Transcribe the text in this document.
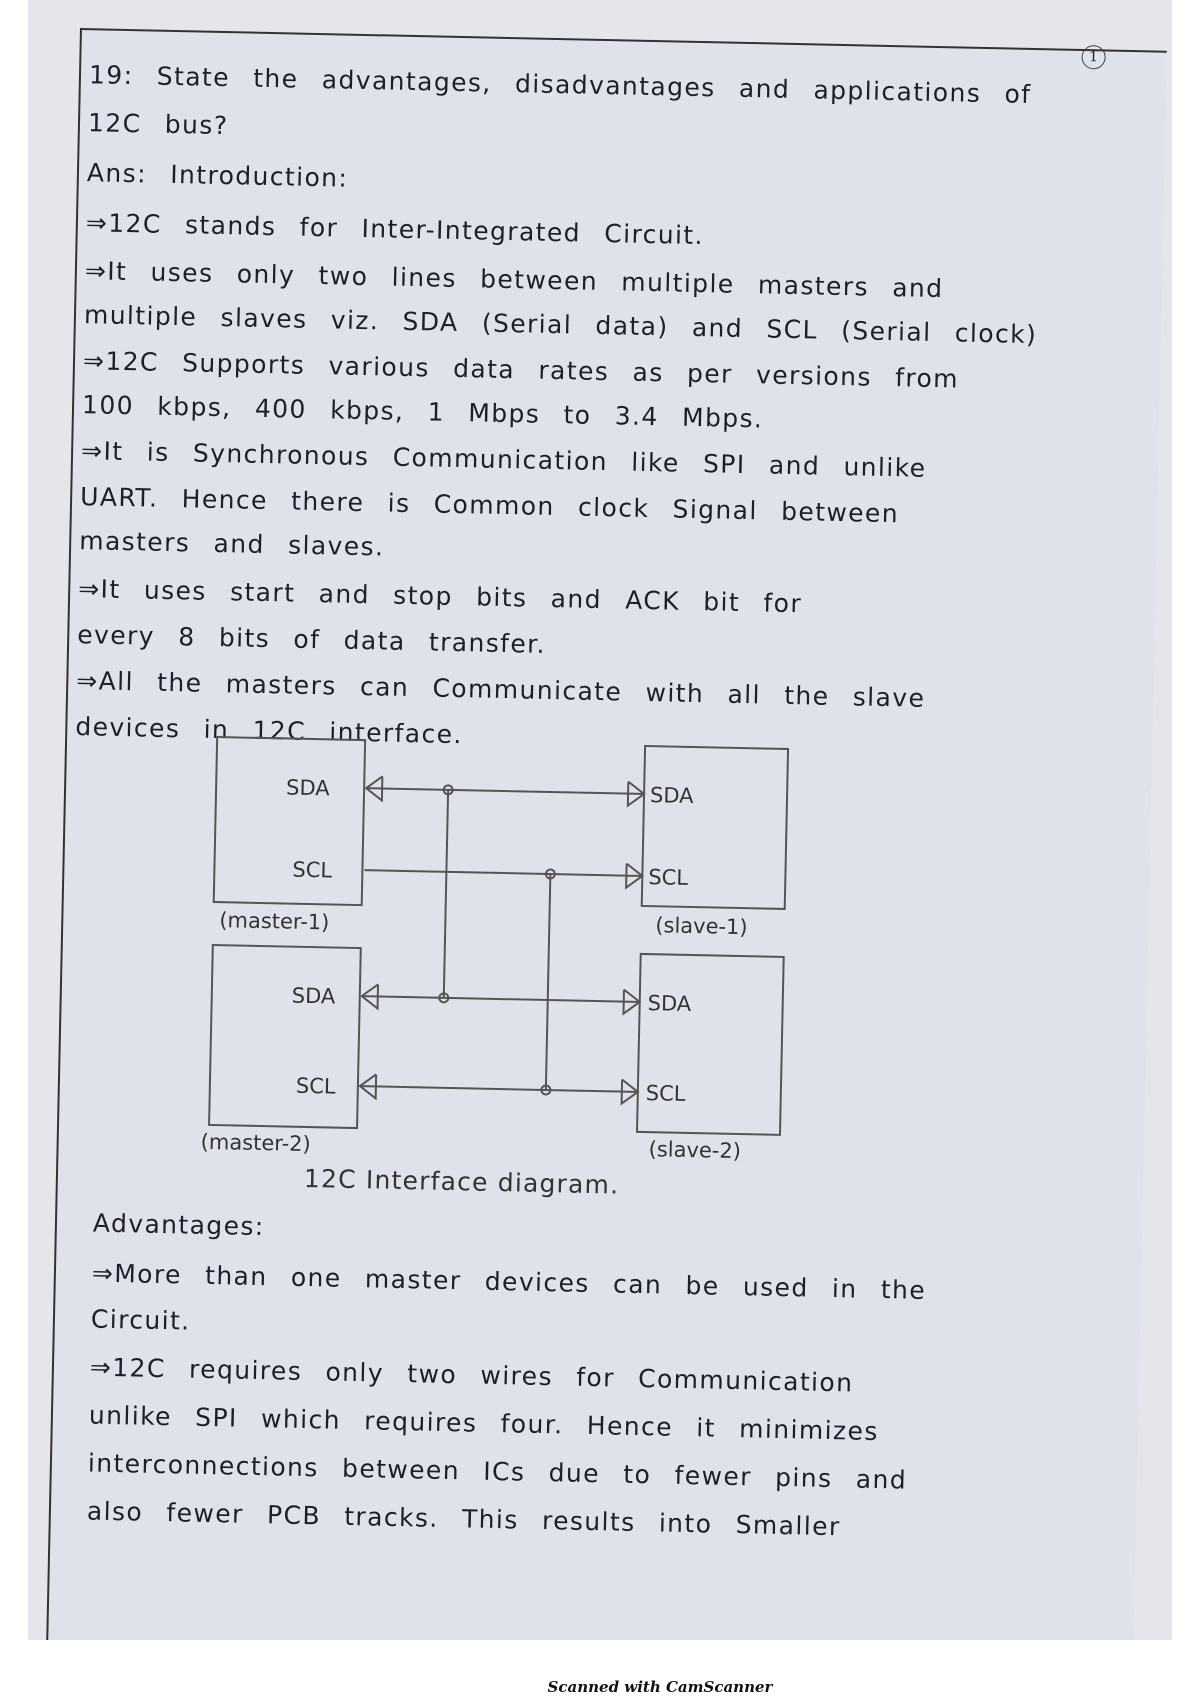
1
19: State the advantages, disadvantages and applications of
12C bus?
Ans: Introduction:
⇒12C stands for Inter-Integrated Circuit.
⇒It uses only two lines between multiple masters and
multiple slaves viz. SDA (Serial data) and SCL (Serial clock)
⇒12C Supports various data rates as per versions from
100 kbps, 400 kbps, 1 Mbps to 3.4 Mbps.
⇒It is Synchronous Communication like SPI and unlike
UART. Hence there is Common clock Signal between
masters and slaves.
⇒It uses start and stop bits and ACK bit for
every 8 bits of data transfer.
⇒All the masters can Communicate with all the slave
devices in 12C interface.
SDA
SCL
SDA
SCL
SDA
SCL
SDA
SCL
(master-1)	(slave-1)
(master-2)	(slave-2)
12C Interface diagram.
Advantages:
⇒More than one master devices can be used in the
Circuit.
⇒12C requires only two wires for Communication
unlike SPI which requires four. Hence it minimizes
interconnections between ICs due to fewer pins and
also fewer PCB tracks. This results into Smaller
Scanned with CamScanner
